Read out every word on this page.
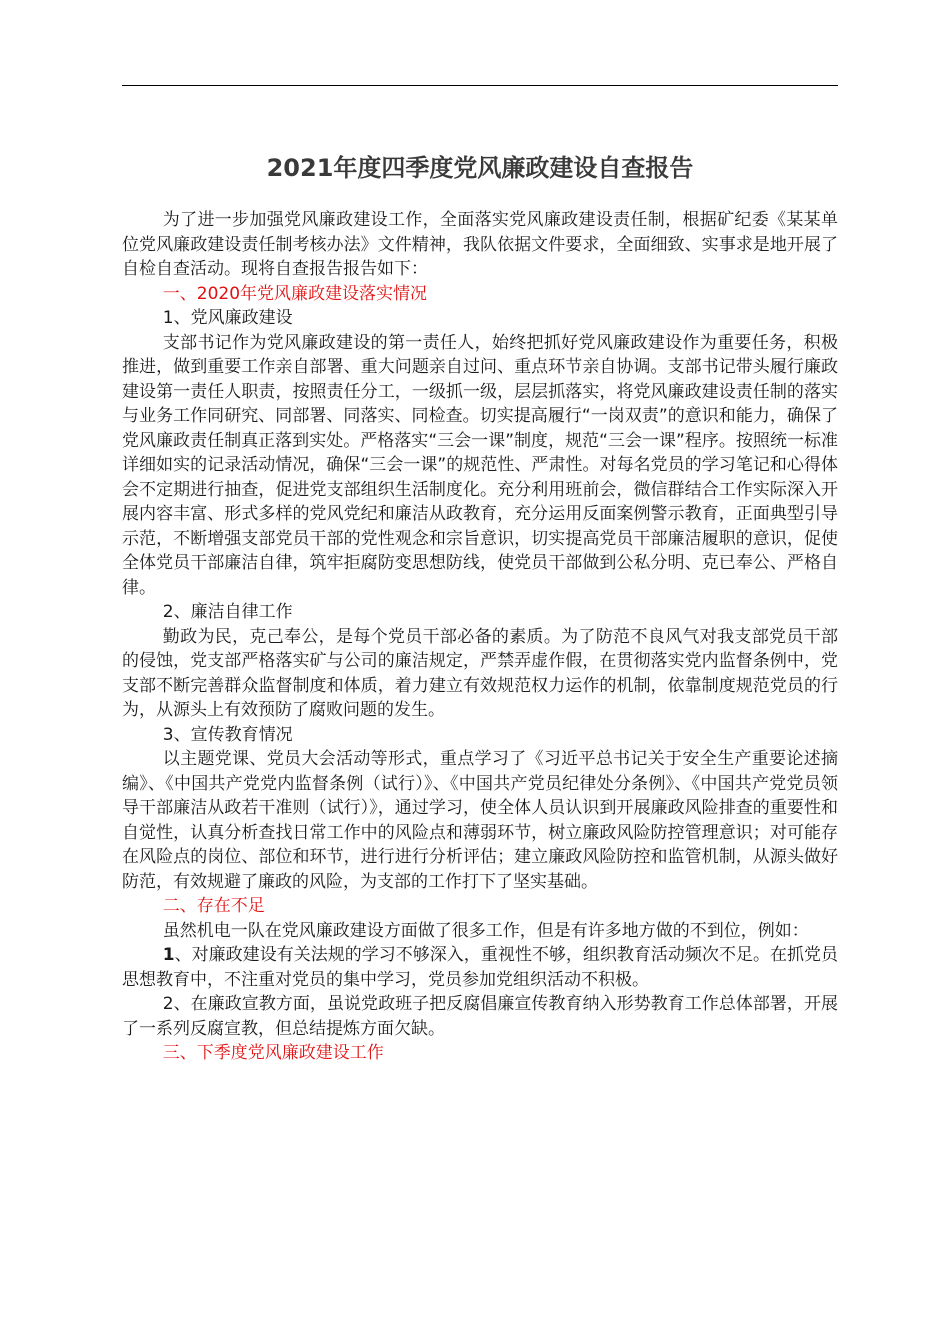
2021年度四季度党风廉政建设自查报告

为了进一步加强党风廉政建设工作，全面落实党风廉政建设责任制，根据矿纪委《某某单位党风廉政建设责任制考核办法》文件精神，我队依据文件要求，全面细致、实事求是地开展了自检自查活动。现将自查报告报告如下：

一、2020年党风廉政建设落实情况

1、党风廉政建设

支部书记作为党风廉政建设的第一责任人，始终把抓好党风廉政建设作为重要任务，积极推进，做到重要工作亲自部署、重大问题亲自过问、重点环节亲自协调。支部书记带头履行廉政建设第一责任人职责，按照责任分工，一级抓一级，层层抓落实，将党风廉政建设责任制的落实与业务工作同研究、同部署、同落实、同检查。切实提高履行“一岗双责”的意识和能力，确保了党风廉政责任制真正落到实处。严格落实“三会一课”制度，规范“三会一课”程序。按照统一标准详细如实的记录活动情况，确保“三会一课”的规范性、严肃性。对每名党员的学习笔记和心得体会不定期进行抽查，促进党支部组织生活制度化。充分利用班前会，微信群结合工作实际深入开展内容丰富、形式多样的党风党纪和廉洁从政教育，充分运用反面案例警示教育，正面典型引导示范，不断增强支部党员干部的党性观念和宗旨意识，切实提高党员干部廉洁履职的意识，促使全体党员干部廉洁自律，筑牢拒腐防变思想防线，使党员干部做到公私分明、克已奉公、严格自律。

2、廉洁自律工作

勤政为民，克己奉公，是每个党员干部必备的素质。为了防范不良风气对我支部党员干部的侵蚀，党支部严格落实矿与公司的廉洁规定，严禁弄虚作假，在贯彻落实党内监督条例中，党支部不断完善群众监督制度和体质，着力建立有效规范权力运作的机制，依靠制度规范党员的行为，从源头上有效预防了腐败问题的发生。

3、宣传教育情况

以主题党课、党员大会活动等形式，重点学习了《习近平总书记关于安全生产重要论述摘编》、《中国共产党党内监督条例（试行）》、《中国共产党员纪律处分条例》、《中国共产党党员领导干部廉洁从政若干准则（试行）》，通过学习，使全体人员认识到开展廉政风险排查的重要性和自觉性，认真分析查找日常工作中的风险点和薄弱环节，树立廉政风险防控管理意识；对可能存在风险点的岗位、部位和环节，进行进行分析评估；建立廉政风险防控和监管机制，从源头做好防范，有效规避了廉政的风险，为支部的工作打下了坚实基础。

二、存在不足

虽然机电一队在党风廉政建设方面做了很多工作，但是有许多地方做的不到位，例如：

1、对廉政建设有关法规的学习不够深入，重视性不够，组织教育活动频次不足。在抓党员思想教育中，不注重对党员的集中学习，党员参加党组织活动不积极。

2、在廉政宣教方面，虽说党政班子把反腐倡廉宣传教育纳入形势教育工作总体部署，开展了一系列反腐宣教，但总结提炼方面欠缺。

三、下季度党风廉政建设工作
